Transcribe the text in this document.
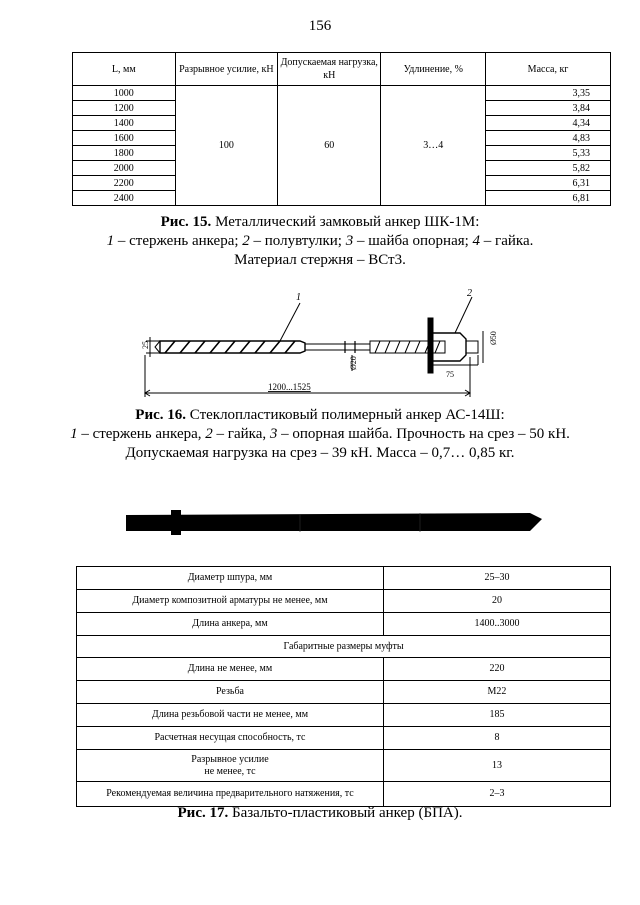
156
L, мм	Разрывное усилие, кН	Допускаемая нагрузка, кН	Удлинение, %	Масса, кг
1000	100	60	3…4	3,35
1200				3,84
1400				4,34
1600				4,83
1800				5,33
2000				5,82
2200				6,31
2400				6,81
Рис. 15. Металлический замковый анкер ШК-1М:
1 – стержень анкера; 2 – полувтулки; 3 – шайба опорная; 4 – гайка.
Материал стержня – ВСт3.
1	2
25
Ø20
Ø50
75
1200...1525
Рис. 16. Стеклопластиковый полимерный анкер АС-14Ш:
1 – стержень анкера, 2 – гайка, 3 – опорная шайба. Прочность на срез – 50 кН.
Допускаемая нагрузка на срез – 39 кН. Масса – 0,7… 0,85 кг.
Диаметр шпура, мм	25–30
Диаметр композитной арматуры не менее, мм	20
Длина анкера, мм	1400..3000
Габаритные размеры муфты	
Длина не менее, мм	220
Резьба	М22
Длина резьбовой части не менее, мм	185
Расчетная несущая способность, тс	8

Разрывное усилие
не менее, тс	13
Рекомендуемая величина предварительного натяжения, тс	2–3
Рис. 17. Базальто-пластиковый анкер (БПА).
